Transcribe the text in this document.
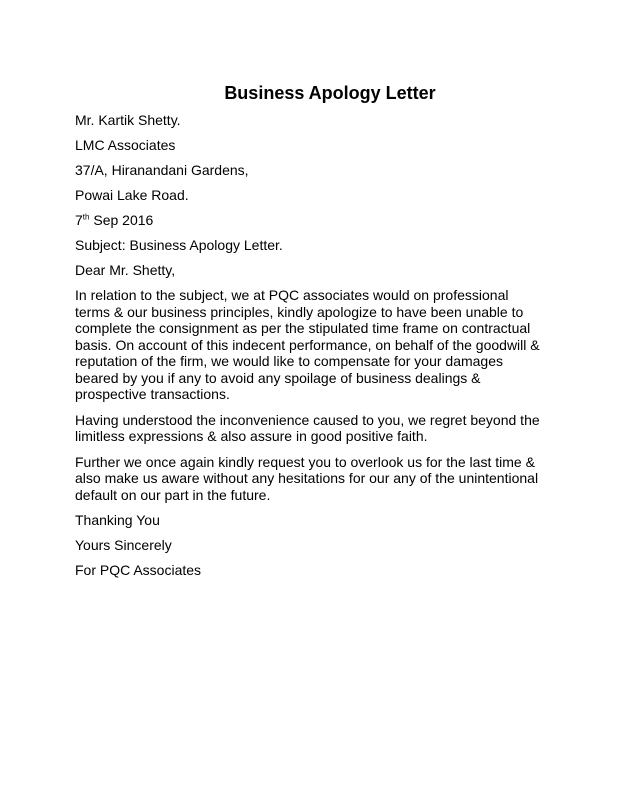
Business Apology Letter

Mr. Kartik Shetty.

LMC Associates

37/A, Hiranandani Gardens,

Powai Lake Road.

7th Sep 2016

Subject: Business Apology Letter.

Dear Mr. Shetty,

In relation to the subject, we at PQC associates would on professional
terms & our business principles, kindly apologize to have been unable to
complete the consignment as per the stipulated time frame on contractual
basis. On account of this indecent performance, on behalf of the goodwill &
reputation of the firm, we would like to compensate for your damages
beared by you if any to avoid any spoilage of business dealings &
prospective transactions.

Having understood the inconvenience caused to you, we regret beyond the
limitless expressions & also assure in good positive faith.

Further we once again kindly request you to overlook us for the last time &
also make us aware without any hesitations for our any of the unintentional
default on our part in the future.

Thanking You

Yours Sincerely

For PQC Associates
